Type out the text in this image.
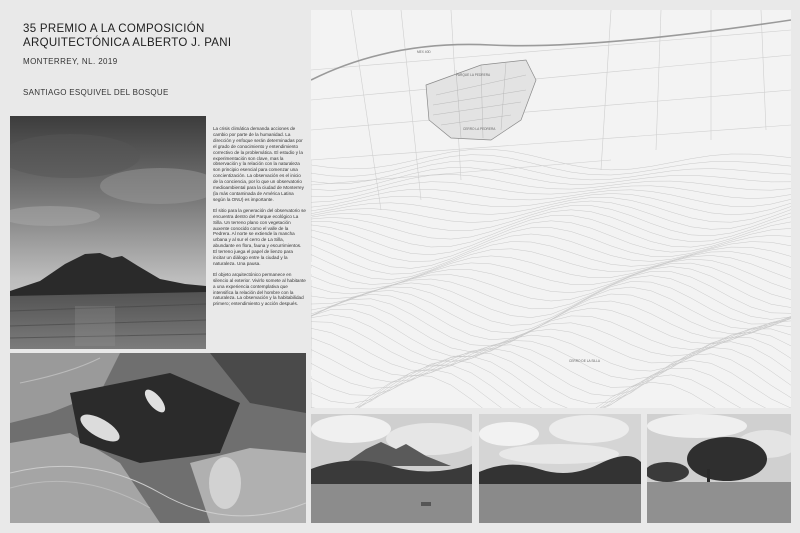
35 PREMIO A LA COMPOSICIÓN
ARQUITECTÓNICA ALBERTO J. PANI
MONTERREY, NL. 2019
SANTIAGO ESQUIVEL DEL BOSQUE

La crisis climática demanda acciones de cambio por parte de la humanidad. La dirección y enfoque serán determinadas por el grado de conocimiento y entendimiento correctivo de la problemática. El estudio y la experimentación son clave, mas la observación y la relación con la naturaleza son principio esencial para comenzar una concientización. La observación es el inicio de la conciencia, por lo que un observatorio medioambiental para la ciudad de Monterrey (la más contaminada de América Latina según la ONU) es importante.

El sitio para la generación del observatorio se encuentra dentro del Parque ecológico La Silla. Un terreno plano con vegetación auxente conocido como el valle de la Pedrera. Al norte se extiende la mancha urbana y al sur el cerro de La Silla, abundante en flora, fauna y escurrimientos. El terreno juega el papel de lienzo para incitar un diálogo entre la ciudad y la naturaleza. Una pausa.

El objeto arquitectónico permanece en silencio al exterior. Vivirlo somete al habitante a una experiencia contemplativa que intensifica la relación del hombre con la naturaleza. La observación y la habitabilidad primero; entendimiento y acción después.

MEX 40D
PARQUE LA PEDRERA
CERRO LA PEDRERA
CERRO DE LA SILLA
